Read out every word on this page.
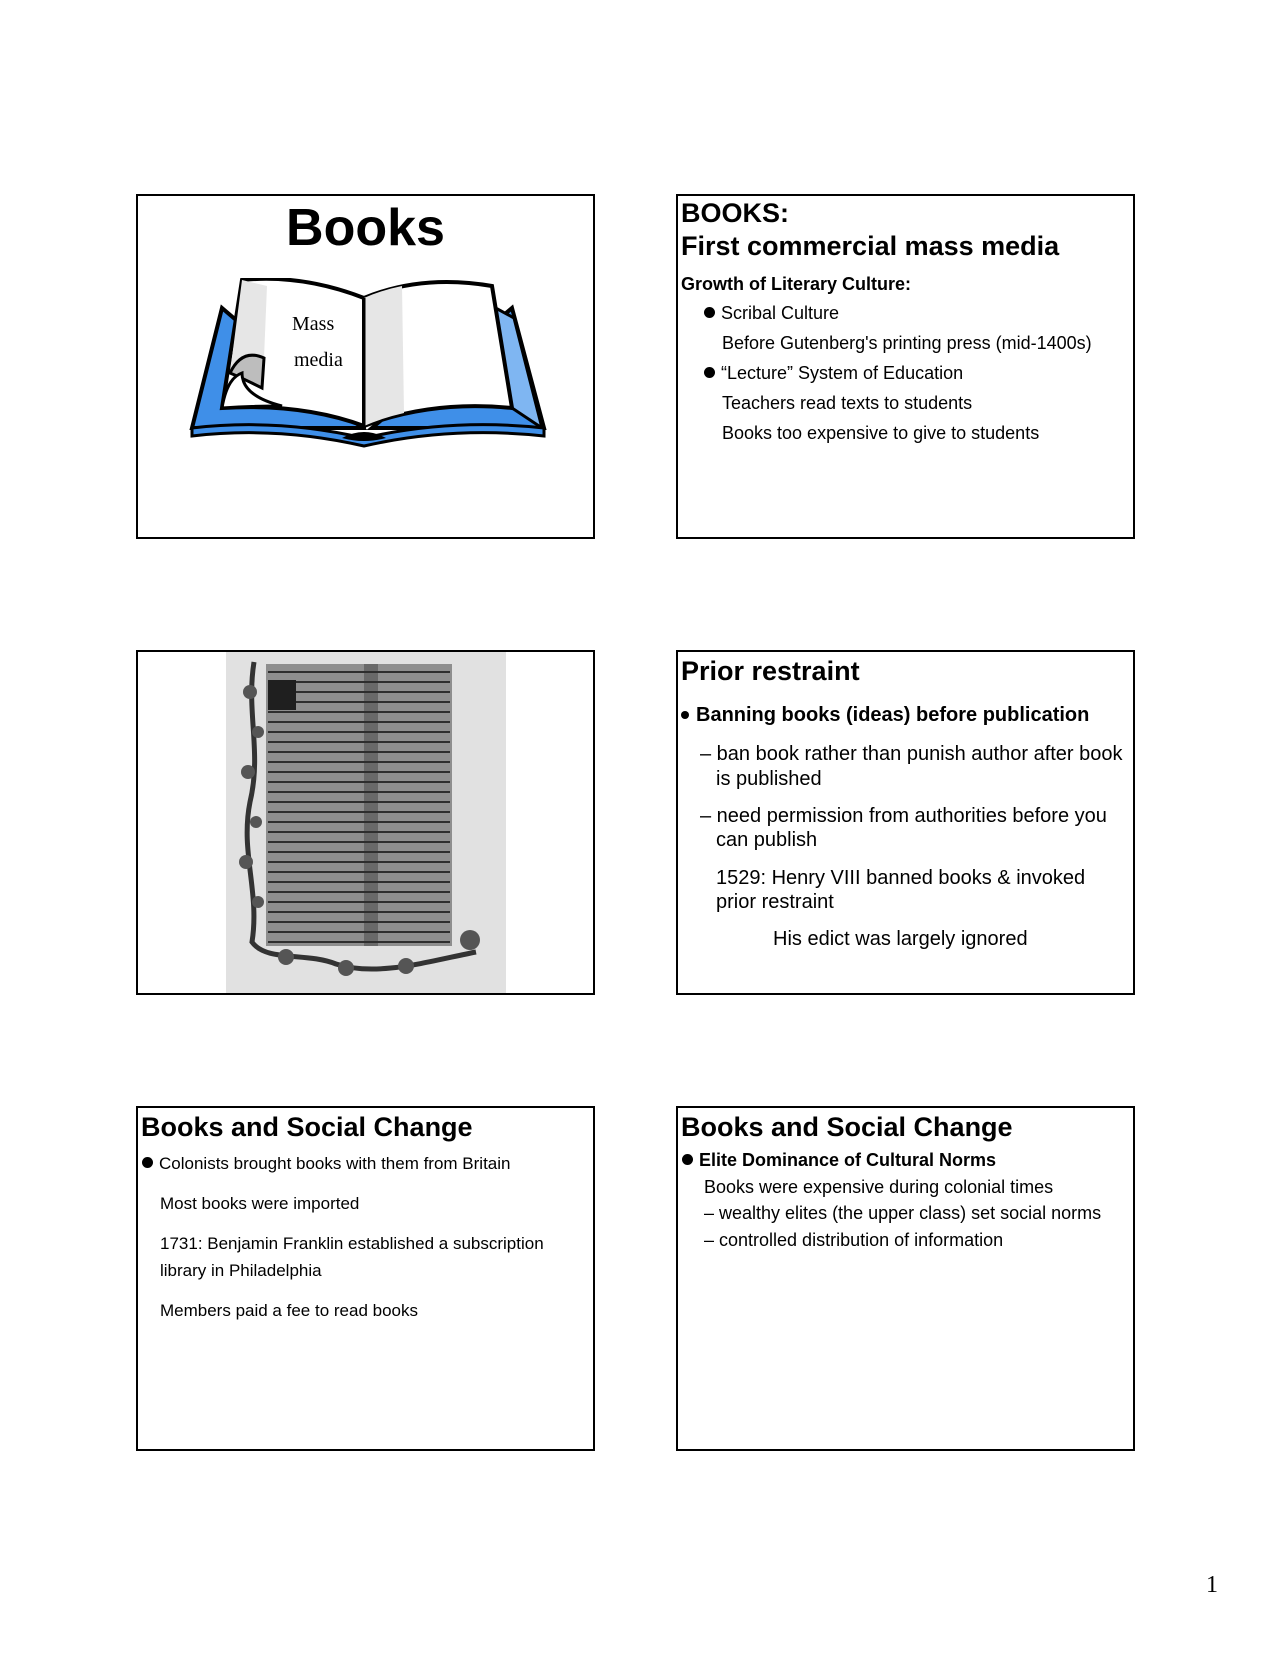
Books
Mass
media
BOOKS:
First commercial mass media
Growth of Literary Culture:
Scribal Culture
Before Gutenberg's printing press (mid-1400s)
“Lecture” System of Education
Teachers read texts to students
Books too expensive to give to students
Prior restraint
Banning books (ideas) before publication
– ban book rather than punish author after book
is published
– need permission from authorities before you
can publish
1529: Henry VIII banned books & invoked
prior restraint
His edict was largely ignored
Books and Social Change
Colonists brought books with them from Britain
Most books were imported
1731: Benjamin Franklin established a subscription
library in Philadelphia
Members paid a fee to read books
Books and Social Change
Elite Dominance of Cultural Norms
Books were expensive during colonial times
– wealthy elites (the upper class) set social norms
– controlled distribution of information
1
